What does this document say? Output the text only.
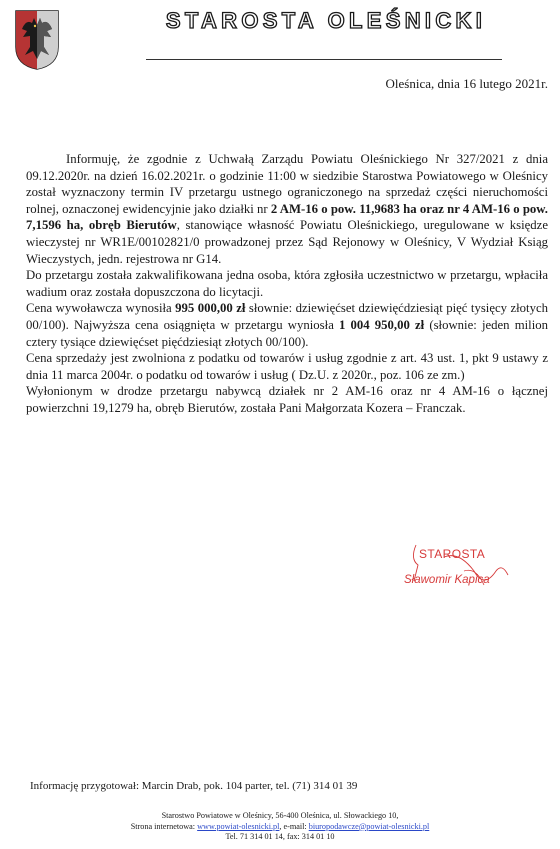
STAROSTA OLEŚNICKI
Oleśnica, dnia 16 lutego 2021r.

Informuję, że zgodnie z Uchwałą Zarządu Powiatu Oleśnickiego Nr 327/2021 z dnia 09.12.2020r. na dzień 16.02.2021r. o godzinie 11:00 w siedzibie Starostwa Powiatowego w Oleśnicy został wyznaczony termin IV przetargu ustnego ograniczonego na sprzedaż części nieruchomości rolnej, oznaczonej ewidencyjnie jako działki nr 2 AM-16 o pow. 11,9683 ha oraz nr 4 AM-16 o pow. 7,1596 ha, obręb Bierutów, stanowiące własność Powiatu Oleśnickiego, uregulowane w księdze wieczystej nr WR1E/00102821/0 prowadzonej przez Sąd Rejonowy w Oleśnicy, V Wydział Ksiąg Wieczystych, jedn. rejestrowa nr G14.

Do przetargu została zakwalifikowana jedna osoba, która zgłosiła uczestnictwo w przetargu, wpłaciła wadium oraz została dopuszczona do licytacji.

Cena wywoławcza wynosiła 995 000,00 zł słownie: dziewięćset dziewięćdziesiąt pięć tysięcy złotych 00/100). Najwyższa cena osiągnięta w przetargu wyniosła 1 004 950,00 zł (słownie: jeden milion cztery tysiące dziewięćset pięćdziesiąt złotych 00/100).

Cena sprzedaży jest zwolniona z podatku od towarów i usług zgodnie z art. 43 ust. 1, pkt 9 ustawy z dnia 11 marca 2004r. o podatku od towarów i usług ( Dz.U. z 2020r., poz. 106 ze zm.)

Wyłonionym w drodze przetargu nabywcą działek nr 2 AM-16 oraz nr 4 AM-16 o łącznej powierzchni 19,1279 ha, obręb Bierutów, została Pani Małgorzata Kozera – Franczak.

STAROSTA
Sławomir Kapica
Informację przygotował: Marcin Drab, pok. 104 parter, tel. (71) 314 01 39
Starostwo Powiatowe w Oleśnicy, 56-400 Oleśnica, ul. Słowackiego 10,
Strona internetowa: www.powiat-olesnicki.pl, e-mail: biuropodawcze@powiat-olesnicki.pl
Tel. 71 314 01 14, fax: 314 01 10
